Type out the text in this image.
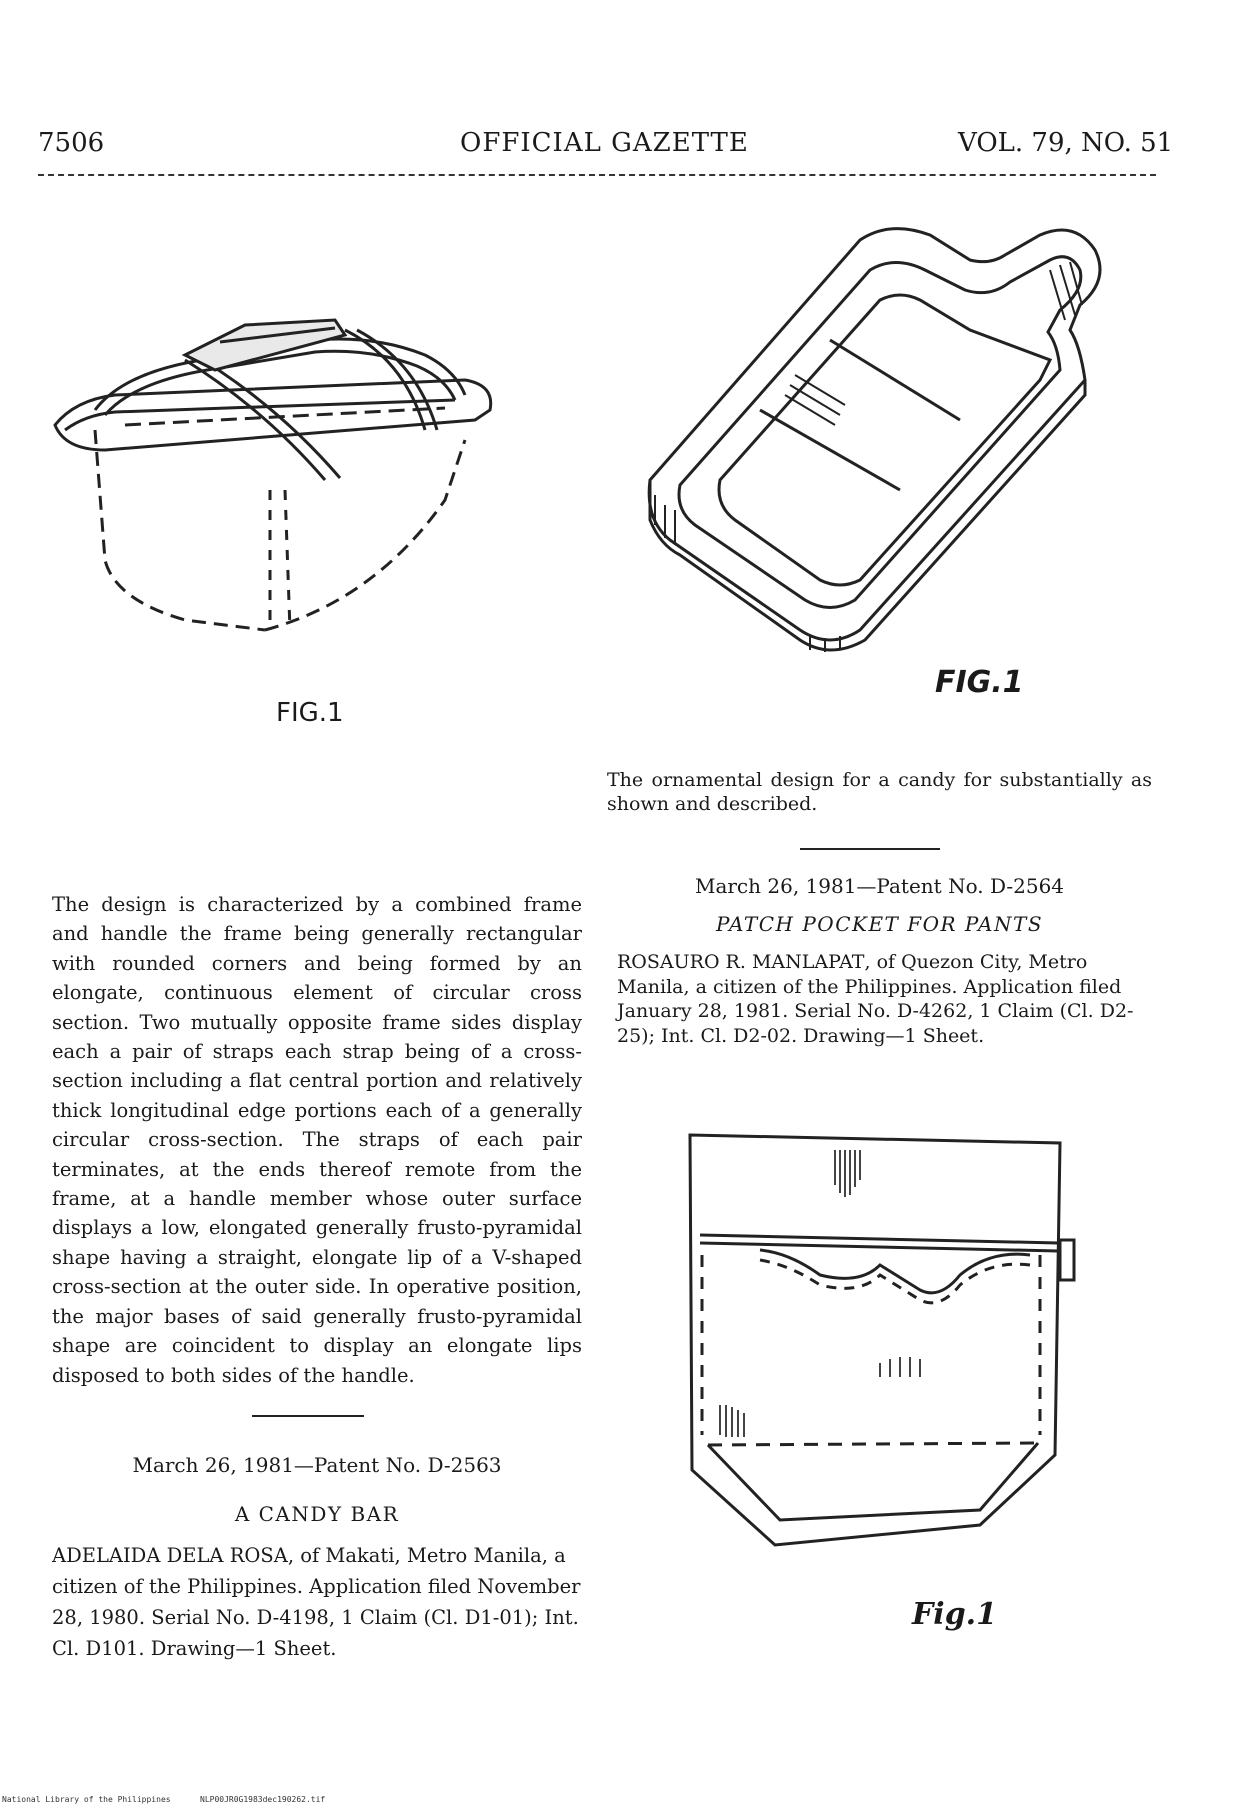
7506	OFFICIAL GAZETTE	VOL. 79, NO. 51
FIG.1
FIG.1
The ornamental design for a candy for substantially as shown and described.
The design is characterized by a combined frame and handle the frame being generally rectangular with rounded corners and being formed by an elongate, continuous element of circular cross section. Two mutually opposite frame sides display each a pair of straps each strap being of a cross-section including a flat central portion and relatively thick longitudinal edge portions each of a generally circular cross-section. The straps of each pair terminates, at the ends thereof remote from the frame, at a handle member whose outer surface displays a low, elongated generally frusto-pyramidal shape having a straight, elongate lip of a V-shaped cross-section at the outer side. In operative position, the major bases of said generally frusto-pyramidal shape are coincident to display an elongate lips disposed to both sides of the handle.
March 26, 1981—Patent No. D-2563
A CANDY BAR
ADELAIDA DELA ROSA, of Makati, Metro Manila, a citizen of the Philippines. Application filed November 28, 1980. Serial No. D-4198, 1 Claim (Cl. D1-01); Int. Cl. D101. Drawing—1 Sheet.
March 26, 1981—Patent No. D-2564
PATCH POCKET FOR PANTS
ROSAURO R. MANLAPAT, of Quezon City, Metro Manila, a citizen of the Philippines. Application filed January 28, 1981. Serial No. D-4262, 1 Claim (Cl. D2-25); Int. Cl. D2-02. Drawing—1 Sheet.
Fig.1
National Library of the Philippines	NLP00JR0G1983dec190262.tif
